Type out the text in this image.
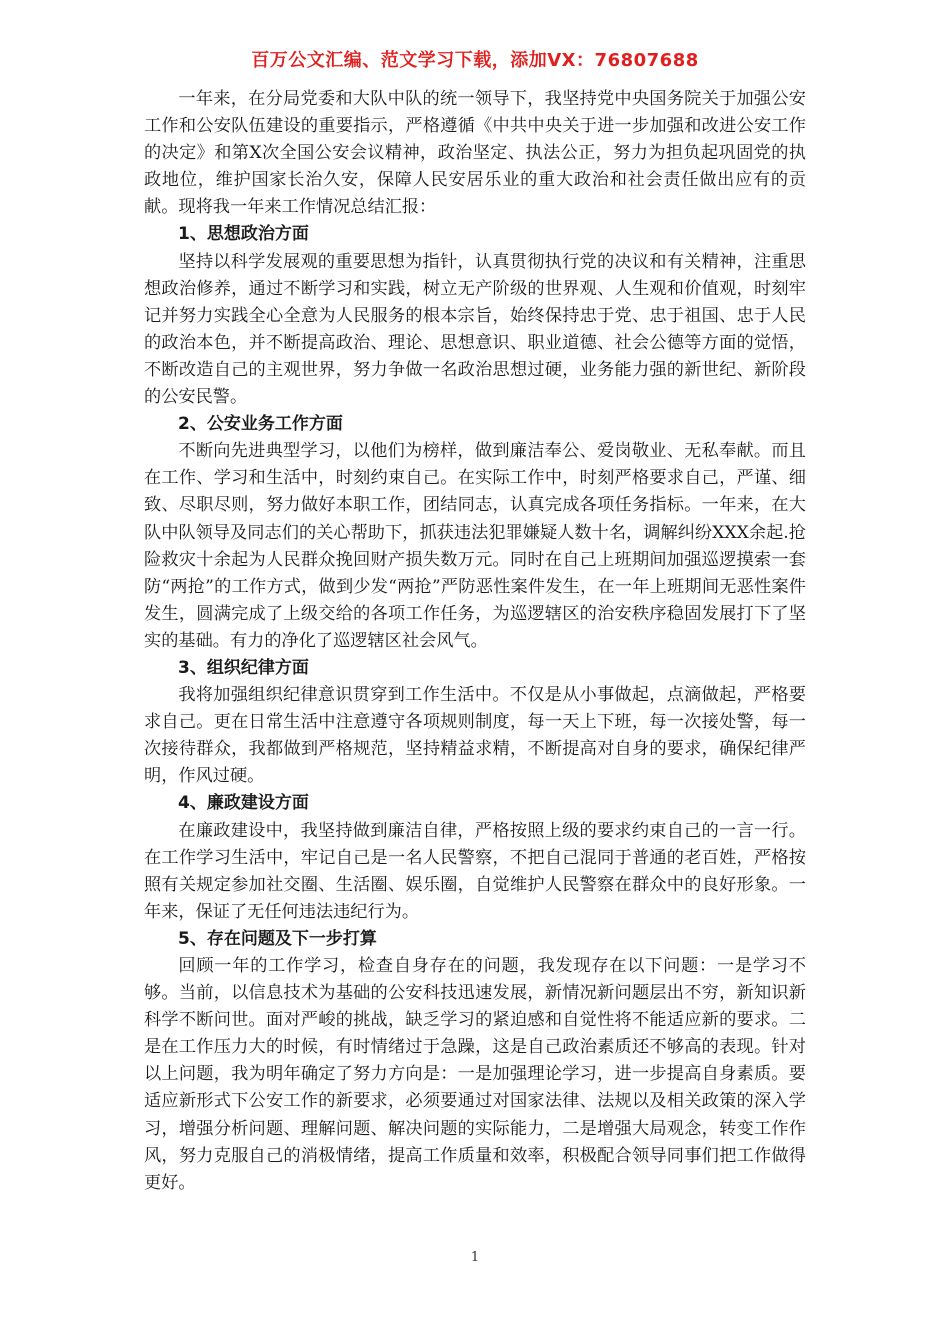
百万公文汇编、范文学习下载，添加VX：76807688

一年来，在分局党委和大队中队的统一领导下，我坚持党中央国务院关于加强公安工作和公安队伍建设的重要指示，严格遵循《中共中央关于进一步加强和改进公安工作的决定》和第X次全国公安会议精神，政治坚定、执法公正，努力为担负起巩固党的执政地位，维护国家长治久安，保障人民安居乐业的重大政治和社会责任做出应有的贡献。现将我一年来工作情况总结汇报：

1、思想政治方面

坚持以科学发展观的重要思想为指针，认真贯彻执行党的决议和有关精神，注重思想政治修养，通过不断学习和实践，树立无产阶级的世界观、人生观和价值观，时刻牢记并努力实践全心全意为人民服务的根本宗旨，始终保持忠于党、忠于祖国、忠于人民的政治本色，并不断提高政治、理论、思想意识、职业道德、社会公德等方面的觉悟，不断改造自己的主观世界，努力争做一名政治思想过硬，业务能力强的新世纪、新阶段的公安民警。

2、公安业务工作方面

不断向先进典型学习，以他们为榜样，做到廉洁奉公、爱岗敬业、无私奉献。而且在工作、学习和生活中，时刻约束自己。在实际工作中，时刻严格要求自己，严谨、细致、尽职尽则，努力做好本职工作，团结同志，认真完成各项任务指标。一年来，在大队中队领导及同志们的关心帮助下，抓获违法犯罪嫌疑人数十名，调解纠纷XXX余起.抢险救灾十余起为人民群众挽回财产损失数万元。同时在自己上班期间加强巡逻摸索一套防“两抢”的工作方式，做到少发“两抢”严防恶性案件发生，在一年上班期间无恶性案件发生，圆满完成了上级交给的各项工作任务，为巡逻辖区的治安秩序稳固发展打下了坚实的基础。有力的净化了巡逻辖区社会风气。

3、组织纪律方面

我将加强组织纪律意识贯穿到工作生活中。不仅是从小事做起，点滴做起，严格要求自己。更在日常生活中注意遵守各项规则制度，每一天上下班，每一次接处警，每一次接待群众，我都做到严格规范，坚持精益求精，不断提高对自身的要求，确保纪律严明，作风过硬。

4、廉政建设方面

在廉政建设中，我坚持做到廉洁自律，严格按照上级的要求约束自己的一言一行。在工作学习生活中，牢记自己是一名人民警察，不把自己混同于普通的老百姓，严格按照有关规定参加社交圈、生活圈、娱乐圈，自觉维护人民警察在群众中的良好形象。一年来，保证了无任何违法违纪行为。

5、存在问题及下一步打算

回顾一年的工作学习，检查自身存在的问题，我发现存在以下问题：一是学习不够。当前，以信息技术为基础的公安科技迅速发展，新情况新问题层出不穷，新知识新科学不断问世。面对严峻的挑战，缺乏学习的紧迫感和自觉性将不能适应新的要求。二是在工作压力大的时候，有时情绪过于急躁，这是自己政治素质还不够高的表现。针对以上问题，我为明年确定了努力方向是：一是加强理论学习，进一步提高自身素质。要适应新形式下公安工作的新要求，必须要通过对国家法律、法规以及相关政策的深入学习，增强分析问题、理解问题、解决问题的实际能力，二是增强大局观念，转变工作作风，努力克服自己的消极情绪，提高工作质量和效率，积极配合领导同事们把工作做得更好。

1
